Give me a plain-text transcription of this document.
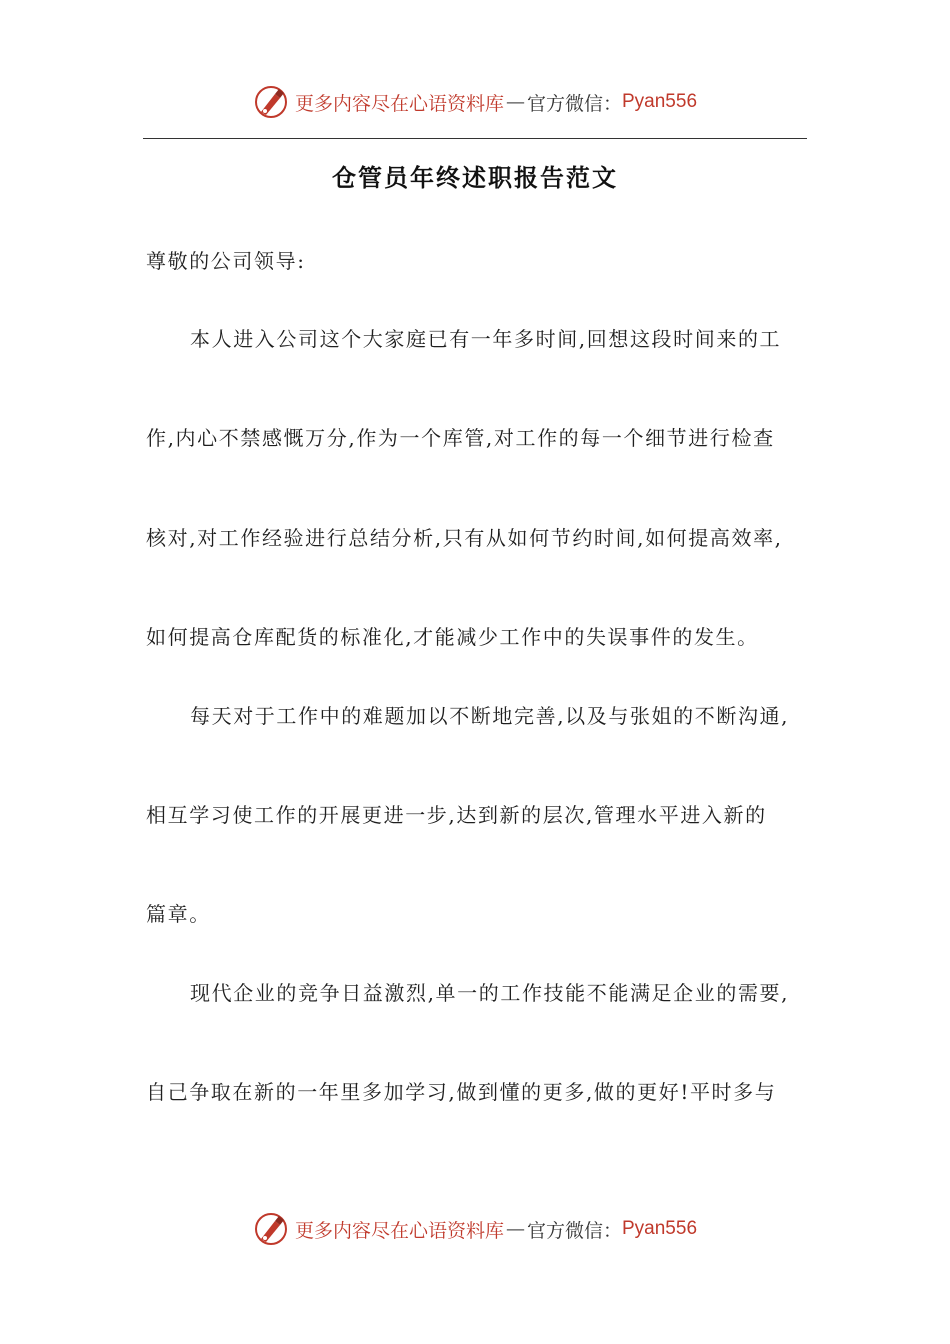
更多内容尽在心语资料库 — 官方微信： Pyan556
仓管员年终述职报告范文
尊敬的公司领导:
本人进入公司这个大家庭已有一年多时间,回想这段时间来的工
作,内心不禁感慨万分,作为一个库管,对工作的每一个细节进行检查
核对,对工作经验进行总结分析,只有从如何节约时间,如何提高效率,
如何提高仓库配货的标准化,才能减少工作中的失误事件的发生。
每天对于工作中的难题加以不断地完善,以及与张姐的不断沟通,
相互学习使工作的开展更进一步,达到新的层次,管理水平进入新的
篇章。
现代企业的竞争日益激烈,单一的工作技能不能满足企业的需要,
自己争取在新的一年里多加学习,做到懂的更多,做的更好!平时多与
更多内容尽在心语资料库 — 官方微信： Pyan556
